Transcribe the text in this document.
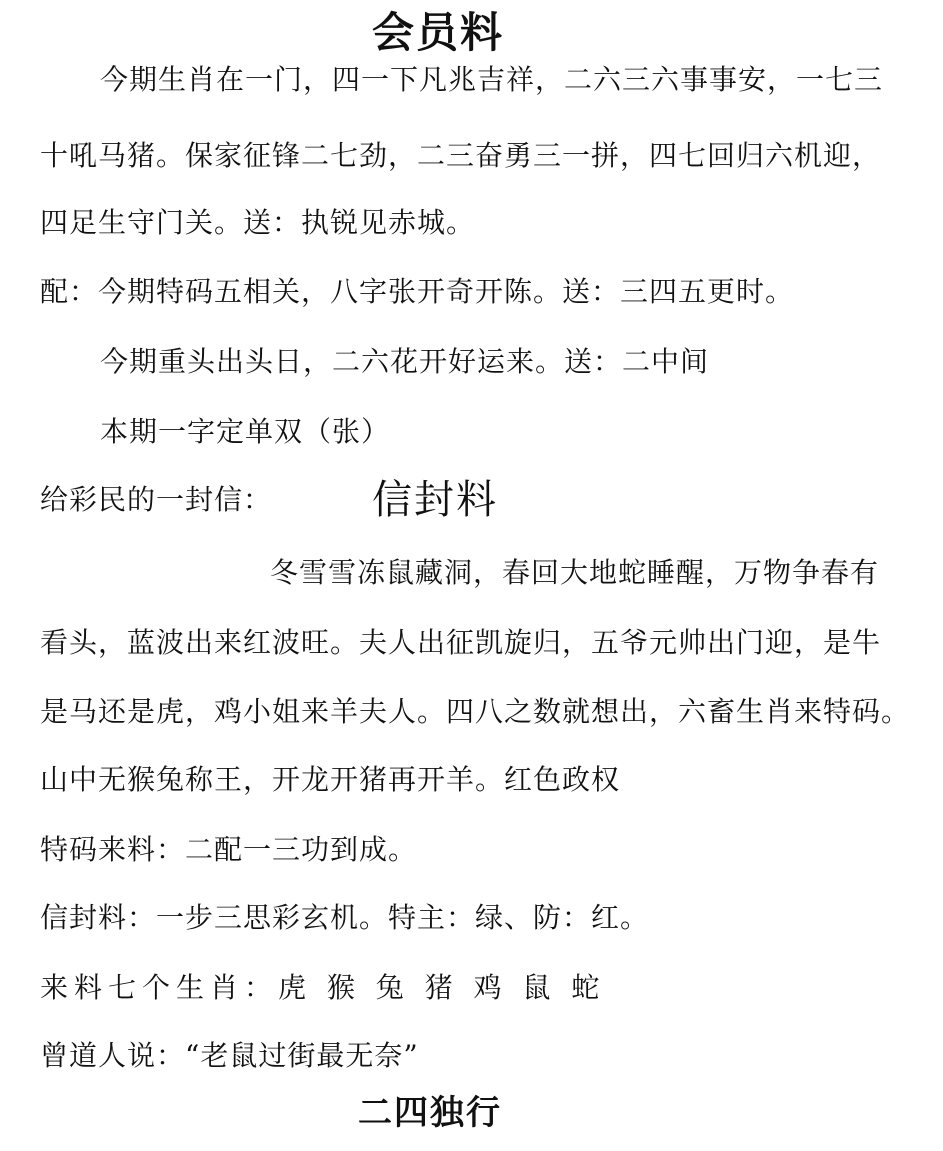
会员料
今期生肖在一门，四一下凡兆吉祥，二六三六事事安，一七三
十吼马猪。保家征锋二七劲，二三奋勇三一拼，四七回归六机迎，
四足生守门关。送：执锐见赤城。
配：今期特码五相关，八字张开奇开陈。送：三四五更时。
今期重头出头日，二六花开好运来。送：二中间
本期一字定单双（张）
给彩民的一封信：	信封料
冬雪雪冻鼠藏洞，春回大地蛇睡醒，万物争春有
看头，蓝波出来红波旺。夫人出征凯旋归，五爷元帅出门迎，是牛
是马还是虎，鸡小姐来羊夫人。四八之数就想出，六畜生肖来特码。
山中无猴兔称王，开龙开猪再开羊。红色政权
特码来料：二配一三功到成。
信封料：一步三思彩玄机。特主：绿、防：红。
来料七个生肖：虎 猴 兔 猪 鸡 鼠 蛇
曾道人说：“老鼠过街最无奈”
二四独行
